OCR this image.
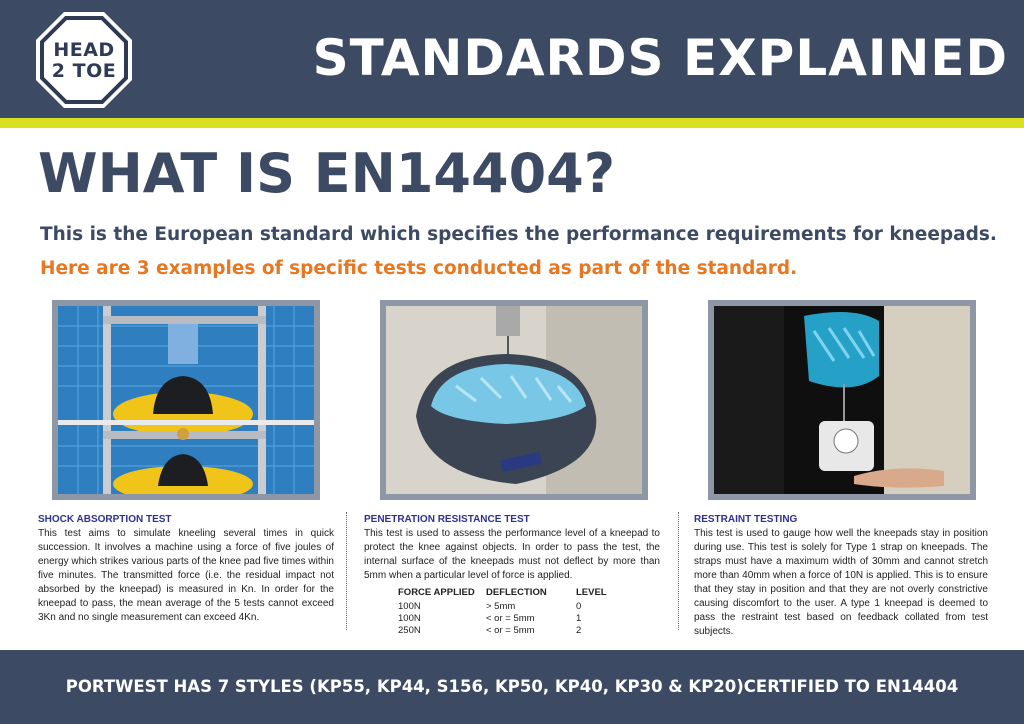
HEAD
2 TOE	STANDARDS EXPLAINED
WHAT IS EN14404?
This is the European standard which specifies the performance requirements for kneepads.
Here are 3 examples of specific tests conducted as part of the standard.
SHOCK ABSORPTION TEST
This test aims to simulate kneeling several times in quick succession. It involves a machine using a force of five joules of energy which strikes various parts of the knee pad five times within five minutes. The transmitted force (i.e. the residual impact not absorbed by the kneepad) is measured in Kn. In order for the kneepad to pass, the mean average of the 5 tests cannot exceed 3Kn and no single measurement can exceed 4Kn.
PENETRATION RESISTANCE TEST
This test is used to assess the performance level of a kneepad to protect the knee against objects. In order to pass the test, the internal surface of the kneepads must not deflect by more than 5mm when a particular level of force is applied.
FORCE APPLIED	DEFLECTION	LEVEL
100N	> 5mm	0
100N	< or = 5mm	1
250N	< or = 5mm	2
RESTRAINT TESTING
This test is used to gauge how well the kneepads stay in position during use. This test is solely for Type 1 strap on kneepads. The straps must have a maximum width of 30mm and cannot stretch more than 40mm when a force of 10N is applied. This is to ensure that they stay in position and that they are not overly constrictive causing discomfort to the user. A type 1 kneepad is deemed to pass the restraint test based on feedback collated from test subjects.
PORTWEST HAS 7 STYLES (KP55, KP44, S156, KP50, KP40, KP30 & KP20)CERTIFIED TO EN14404
